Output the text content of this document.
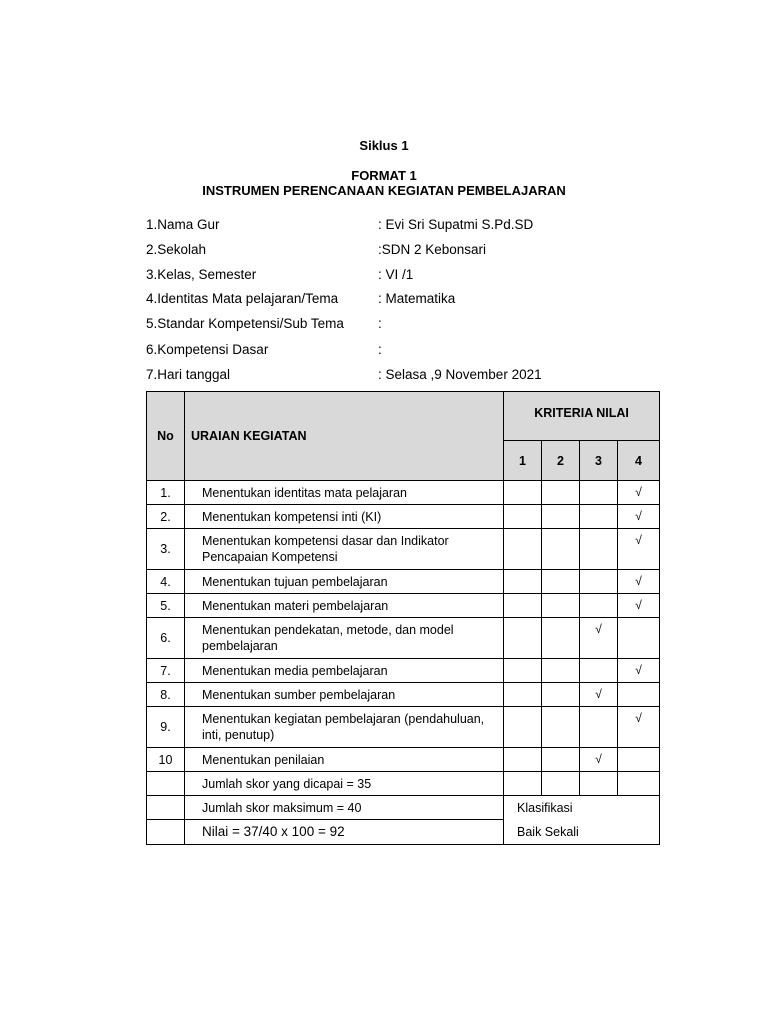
Siklus 1
FORMAT 1
INSTRUMEN PERENCANAAN KEGIATAN PEMBELAJARAN
1.Nama Gur	: Evi Sri Supatmi S.Pd.SD
2.Sekolah	:SDN 2 Kebonsari
3.Kelas, Semester	: VI /1
4.Identitas Mata pelajaran/Tema	: Matematika
5.Standar Kompetensi/Sub Tema	:
6.Kompetensi Dasar	:
7.Hari tanggal	: Selasa ,9 November 2021
No	URAIAN KEGIATAN	KRITERIA NILAI			
		1	2	3	4
1.	Menentukan identitas mata pelajaran				√
2.	Menentukan kompetensi inti (KI)				√
3.	Menentukan kompetensi dasar dan Indikator Pencapaian Kompetensi				√
4.	Menentukan tujuan pembelajaran				√
5.	Menentukan materi pembelajaran				√
6.	Menentukan pendekatan, metode, dan model pembelajaran			√	
7.	Menentukan media pembelajaran				√
8.	Menentukan sumber pembelajaran			√	
9.	Menentukan kegiatan pembelajaran (pendahuluan, inti, penutup)				√
10	Menentukan penilaian			√	
	Jumlah skor yang dicapai = 35				
	Jumlah skor maksimum = 40	Klasifikasi			
	Nilai = 37/40 x 100 = 92	Baik Sekali			
